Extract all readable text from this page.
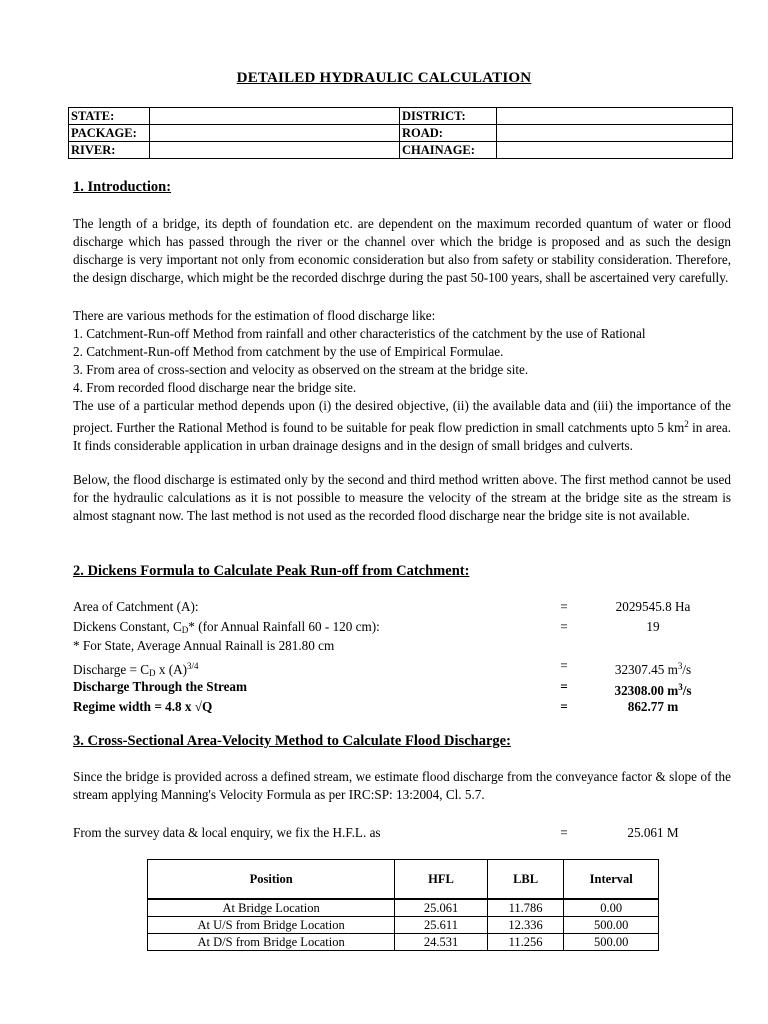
DETAILED HYDRAULIC CALCULATION
STATE:		DISTRICT:	
PACKAGE:		ROAD:	
RIVER:		CHAINAGE:	
1. Introduction:
The length of a bridge, its depth of foundation etc. are dependent on the maximum recorded quantum of water or flood discharge which has passed through the river or the channel over which the bridge is proposed and as such the design discharge is very important not only from economic consideration but also from safety or stability consideration. Therefore, the design discharge, which might be the recorded dischrge during the past 50-100 years, shall be ascertained very carefully.
There are various methods for the estimation of flood discharge like:
1. Catchment-Run-off Method from rainfall and other characteristics of the catchment by the use of Rational
2. Catchment-Run-off Method from catchment by the use of Empirical Formulae.
3. From area of cross-section and velocity as observed on the stream at the bridge site.
4. From recorded flood discharge near the bridge site.
The use of a particular method depends upon (i) the desired objective, (ii) the available data and (iii) the importance of the project. Further the Rational Method is found to be suitable for peak flow prediction in small catchments upto 5 $km^2$ in area. It finds considerable application in urban drainage designs and in the design of small bridges and culverts.
Below, the flood discharge is estimated only by the second and third method written above. The first method cannot be used for the hydraulic calculations as it is not possible to measure the velocity of the stream at the bridge site as the stream is almost stagnant now. The last method is not used as the recorded flood discharge near the bridge site is not available.
2. Dickens Formula to Calculate Peak Run-off from Catchment:
Area of Catchment (A):	=	2029545.8 Ha
Dickens Constant, $C_D*$ (for Annual Rainfall 60 - 120 cm):	=	19
* For State, Average Annual Rainall is 281.80 cm
Discharge = $C_D$ x $(A)^{3/4}$	=	32307.45 $m^3/s$
Discharge Through the Stream	=	32308.00 $m^3/s$
Regime width = 4.8 x √Q	=	862.77 m
3. Cross-Sectional Area-Velocity Method to Calculate Flood Discharge:
Since the bridge is provided across a defined stream, we estimate flood discharge from the conveyance factor & slope of the stream applying Manning's Velocity Formula as per IRC:SP: 13:2004, Cl. 5.7.
From the survey data & local enquiry, we fix the H.F.L. as	=	25.061 M
Position	HFL	LBL	Interval
At Bridge Location	25.061	11.786	0.00
At U/S from Bridge Location	25.611	12.336	500.00
At D/S from Bridge Location	24.531	11.256	500.00
